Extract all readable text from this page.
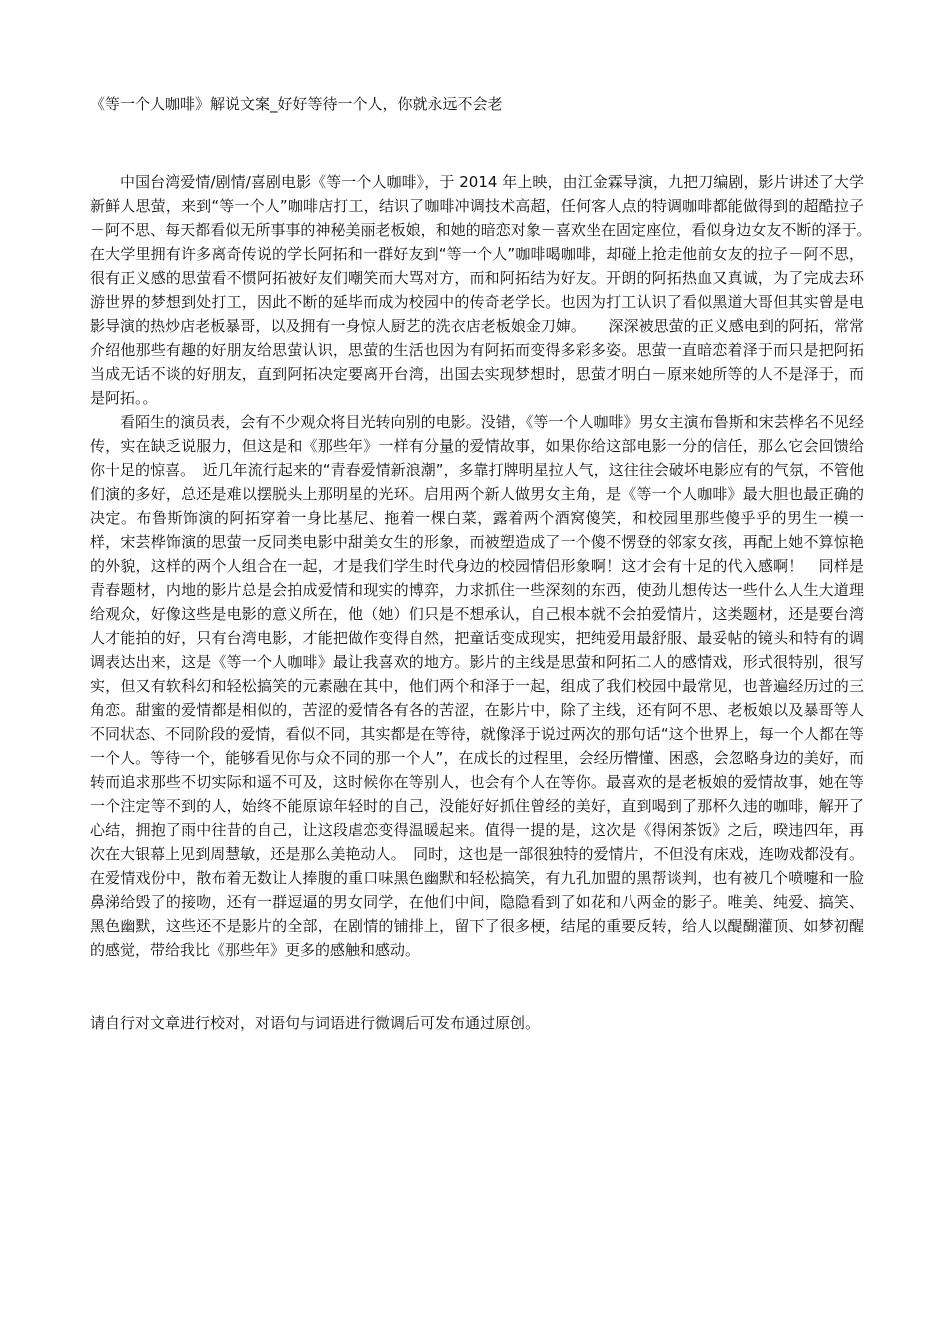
《等一个人咖啡》解说文案_好好等待一个人，你就永远不会老

中国台湾爱情/剧情/喜剧电影《等一个人咖啡》，于 2014 年上映，由江金霖导演，九把刀编剧，影片讲述了大学新鲜人思萤，来到“等一个人”咖啡店打工，结识了咖啡冲调技术高超，任何客人点的特调咖啡都能做得到的超酷拉子－阿不思、每天都看似无所事事的神秘美丽老板娘，和她的暗恋对象－喜欢坐在固定座位，看似身边女友不断的泽于。　　在大学里拥有许多离奇传说的学长阿拓和一群好友到“等一个人”咖啡喝咖啡，却碰上抢走他前女友的拉子－阿不思，很有正义感的思萤看不惯阿拓被好友们嘲笑而大骂对方，而和阿拓结为好友。开朗的阿拓热血又真诚，为了完成去环游世界的梦想到处打工，因此不断的延毕而成为校园中的传奇老学长。也因为打工认识了看似黑道大哥但其实曾是电影导演的热炒店老板暴哥，以及拥有一身惊人厨艺的洗衣店老板娘金刀婶。　　深深被思萤的正义感电到的阿拓，常常介绍他那些有趣的好朋友给思萤认识，思萤的生活也因为有阿拓而变得多彩多姿。思萤一直暗恋着泽于而只是把阿拓当成无话不谈的好朋友，直到阿拓决定要离开台湾，出国去实现梦想时，思萤才明白－原来她所等的人不是泽于，而是阿拓。。

看陌生的演员表，会有不少观众将目光转向别的电影。没错，《等一个人咖啡》男女主演布鲁斯和宋芸桦名不见经传，实在缺乏说服力，但这是和《那些年》一样有分量的爱情故事，如果你给这部电影一分的信任，那么它会回馈给你十足的惊喜。　近几年流行起来的“青春爱情新浪潮”，多靠打牌明星拉人气，这往往会破坏电影应有的气氛，不管他们演的多好，总还是难以摆脱头上那明星的光环。启用两个新人做男女主角，是《等一个人咖啡》最大胆也最正确的决定。布鲁斯饰演的阿拓穿着一身比基尼、拖着一棵白菜，露着两个酒窝傻笑，和校园里那些傻乎乎的男生一模一样，宋芸桦饰演的思萤一反同类电影中甜美女生的形象，而被塑造成了一个傻不愣登的邻家女孩，再配上她不算惊艳的外貌，这样的两个人组合在一起，才是我们学生时代身边的校园情侣形象啊！这才会有十足的代入感啊！　同样是青春题材，内地的影片总是会拍成爱情和现实的博弈，力求抓住一些深刻的东西，使劲儿想传达一些什么人生大道理给观众，好像这些是电影的意义所在，他（她）们只是不想承认，自己根本就不会拍爱情片，这类题材，还是要台湾人才能拍的好，只有台湾电影，才能把做作变得自然，把童话变成现实，把纯爱用最舒服、最妥帖的镜头和特有的调调表达出来，这是《等一个人咖啡》最让我喜欢的地方。影片的主线是思萤和阿拓二人的感情戏，形式很特别，很写实，但又有软科幻和轻松搞笑的元素融在其中，他们两个和泽于一起，组成了我们校园中最常见，也普遍经历过的三角恋。甜蜜的爱情都是相似的，苦涩的爱情各有各的苦涩，在影片中，除了主线，还有阿不思、老板娘以及暴哥等人不同状态、不同阶段的爱情，看似不同，其实都是在等待，就像泽于说过两次的那句话“这个世界上，每一个人都在等一个人。等待一个，能够看见你与众不同的那一个人”，在成长的过程里，会经历懵懂、困惑，会忽略身边的美好，而转而追求那些不切实际和遥不可及，这时候你在等别人，也会有个人在等你。最喜欢的是老板娘的爱情故事，她在等一个注定等不到的人，始终不能原谅年轻时的自己，没能好好抓住曾经的美好，直到喝到了那杯久违的咖啡，解开了心结，拥抱了雨中往昔的自己，让这段虐恋变得温暖起来。值得一提的是，这次是《得闲茶饭》之后，暌违四年，再次在大银幕上见到周慧敏，还是那么美艳动人。　同时，这也是一部很独特的爱情片，不但没有床戏，连吻戏都没有。在爱情戏份中，散布着无数让人捧腹的重口味黑色幽默和轻松搞笑，有九孔加盟的黑帮谈判，也有被几个喷嚏和一脸鼻涕给毁了的接吻，还有一群逗逼的男女同学，在他们中间，隐隐看到了如花和八两金的影子。唯美、纯爱、搞笑、黑色幽默，这些还不是影片的全部，在剧情的铺排上，留下了很多梗，结尾的重要反转，给人以醍醐灌顶、如梦初醒的感觉，带给我比《那些年》更多的感触和感动。

请自行对文章进行校对，对语句与词语进行微调后可发布通过原创。
